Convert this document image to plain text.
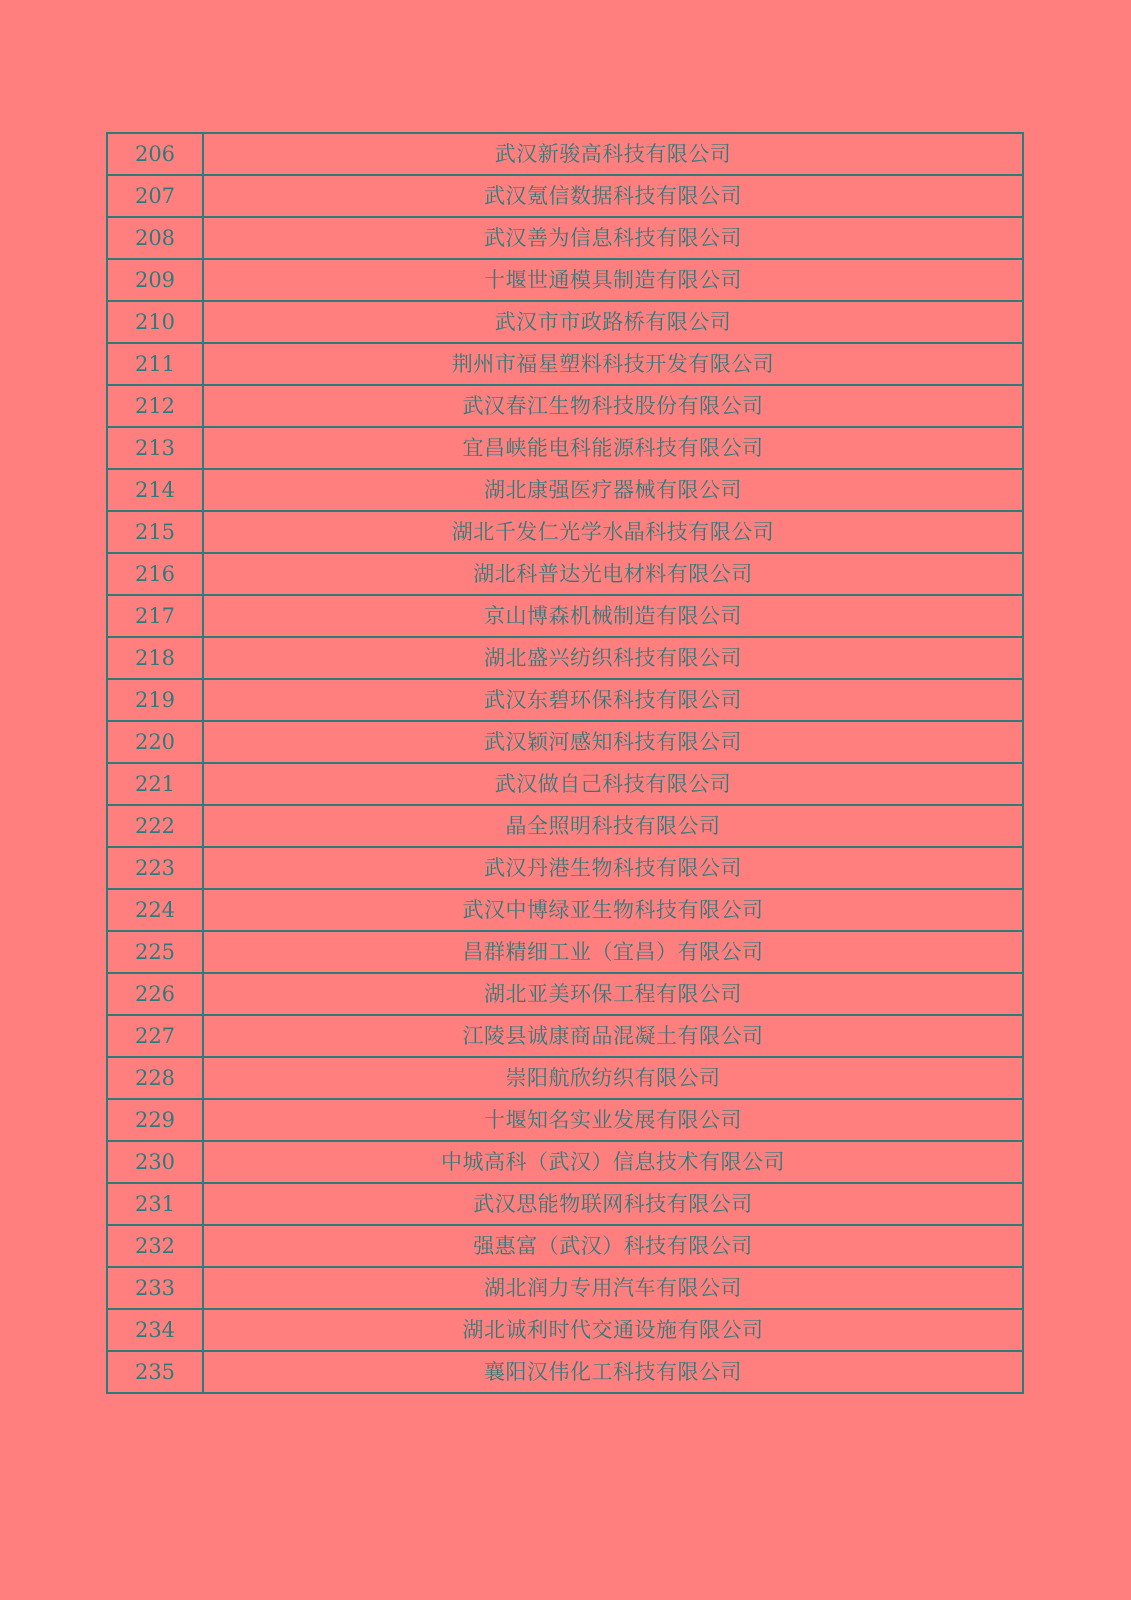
206	武汉新骏高科技有限公司
207	武汉氪信数据科技有限公司
208	武汉善为信息科技有限公司
209	十堰世通模具制造有限公司
210	武汉市市政路桥有限公司
211	荆州市福星塑料科技开发有限公司
212	武汉春江生物科技股份有限公司
213	宜昌峡能电科能源科技有限公司
214	湖北康强医疗器械有限公司
215	湖北千发仁光学水晶科技有限公司
216	湖北科普达光电材料有限公司
217	京山博森机械制造有限公司
218	湖北盛兴纺织科技有限公司
219	武汉东碧环保科技有限公司
220	武汉颖河感知科技有限公司
221	武汉做自己科技有限公司
222	晶全照明科技有限公司
223	武汉丹港生物科技有限公司
224	武汉中博绿亚生物科技有限公司
225	昌群精细工业（宜昌）有限公司
226	湖北亚美环保工程有限公司
227	江陵县诚康商品混凝土有限公司
228	崇阳航欣纺织有限公司
229	十堰知名实业发展有限公司
230	中城高科（武汉）信息技术有限公司
231	武汉思能物联网科技有限公司
232	强惠富（武汉）科技有限公司
233	湖北润力专用汽车有限公司
234	湖北诚利时代交通设施有限公司
235	襄阳汉伟化工科技有限公司
